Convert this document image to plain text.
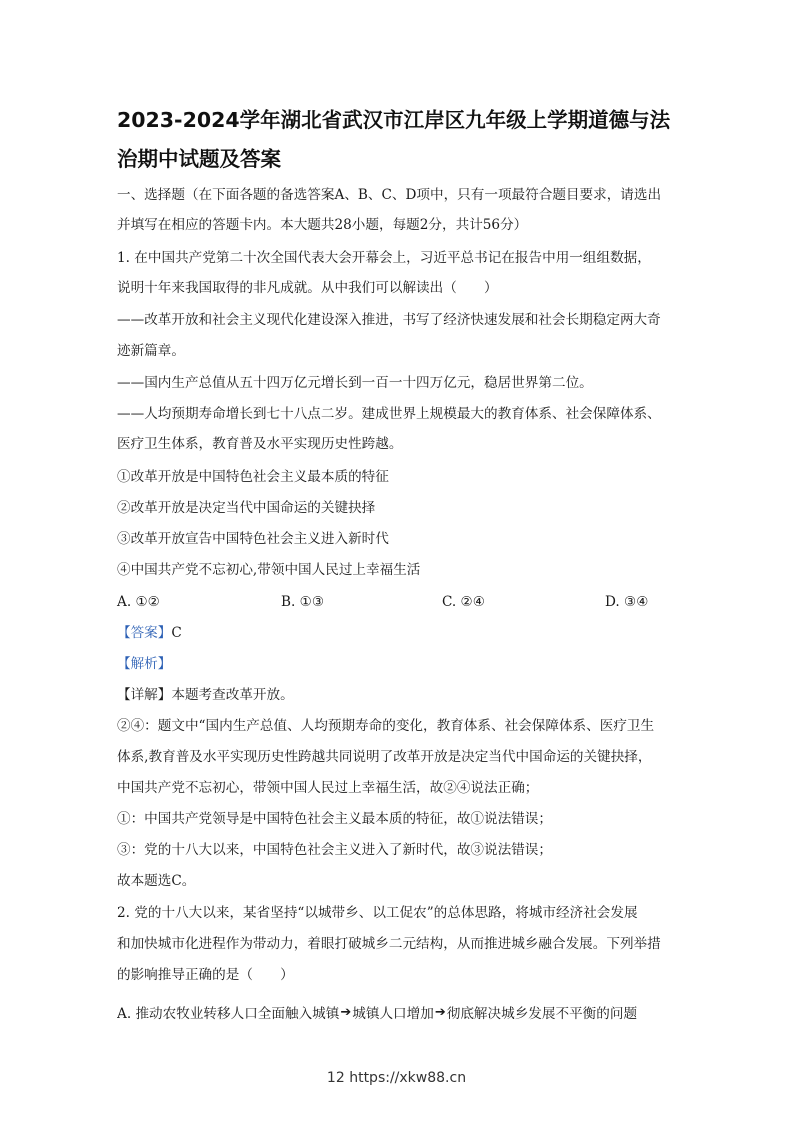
2023-2024学年湖北省武汉市江岸区九年级上学期道德与法
治期中试题及答案
一、选择题（在下面各题的备选答案A、B、C、D项中，只有一项最符合题目要求，请选出
并填写在相应的答题卡内。本大题共28小题，每题2分，共计56分）
1. 在中国共产党第二十次全国代表大会开幕会上，习近平总书记在报告中用一组组数据，
说明十年来我国取得的非凡成就。从中我们可以解读出（　　）
——改革开放和社会主义现代化建设深入推进，书写了经济快速发展和社会长期稳定两大奇
迹新篇章。
——国内生产总值从五十四万亿元增长到一百一十四万亿元，稳居世界第二位。
——人均预期寿命增长到七十八点二岁。建成世界上规模最大的教育体系、社会保障体系、
医疗卫生体系，教育普及水平实现历史性跨越。
①改革开放是中国特色社会主义最本质的特征
②改革开放是决定当代中国命运的关键抉择
③改革开放宣告中国特色社会主义进入新时代
④中国共产党不忘初心,带领中国人民过上幸福生活
A. ①②	B. ①③	C. ②④	D. ③④
【答案】C
【解析】
【详解】本题考查改革开放。
②④：题文中“国内生产总值、人均预期寿命的变化，教育体系、社会保障体系、医疗卫生
体系,教育普及水平实现历史性跨越共同说明了改革开放是决定当代中国命运的关键抉择，
中国共产党不忘初心，带领中国人民过上幸福生活，故②④说法正确；
①：中国共产党领导是中国特色社会主义最本质的特征，故①说法错误；
③：党的十八大以来，中国特色社会主义进入了新时代，故③说法错误；
故本题选C。
2. 党的十八大以来，某省坚持“以城带乡、以工促农”的总体思路，将城市经济社会发展
和加快城市化进程作为带动力，着眼打破城乡二元结构，从而推进城乡融合发展。下列举措
的影响推导正确的是（　　）
A. 推动农牧业转移人口全面触入城镇➔城镇人口增加➔彻底解决城乡发展不平衡的问题
12 https://xkw88.cn
